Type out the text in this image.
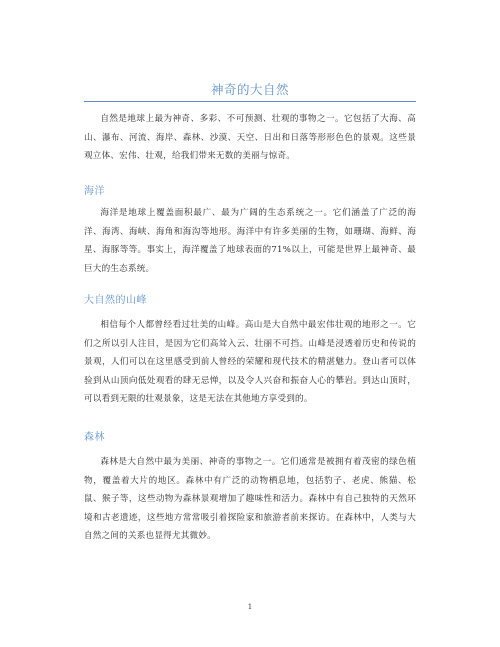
神奇的大自然
自然是地球上最为神奇、多彩、不可预测、壮观的事物之一。它包括了大海、高山、瀑布、河流、海岸、森林、沙漠、天空、日出和日落等形形色色的景观。这些景观立体、宏伟、壮观，给我们带来无数的美丽与惊奇。
海洋
海洋是地球上覆盖面积最广、最为广阔的生态系统之一。它们涵盖了广泛的海洋、海湾、海峡、海角和海沟等地形。海洋中有许多美丽的生物，如珊瑚、海鲜、海星、海豚等等。事实上，海洋覆盖了地球表面的71%以上，可能是世界上最神奇、最巨大的生态系统。
大自然的山峰
相信每个人都曾经看过壮美的山峰。高山是大自然中最宏伟壮观的地形之一。它们之所以引人注目，是因为它们高耸入云、壮丽不可挡。山峰是浸透着历史和传说的景观，人们可以在这里感受到前人曾经的荣耀和现代技术的精湛魅力。登山者可以体验到从山顶向低处观看的肆无忌惮，以及令人兴奋和振奋人心的攀岩。到达山顶时，可以看到无限的壮观景象，这是无法在其他地方享受到的。
森林
森林是大自然中最为美丽、神奇的事物之一。它们通常是被拥有着茂密的绿色植物，覆盖着大片的地区。森林中有广泛的动物栖息地，包括豹子、老虎、熊猫、松鼠、猴子等，这些动物为森林景观增加了趣味性和活力。森林中有自己独特的天然环境和古老遗迹，这些地方常常吸引着探险家和旅游者前来探访。在森林中，人类与大自然之间的关系也显得尤其微妙。
1
